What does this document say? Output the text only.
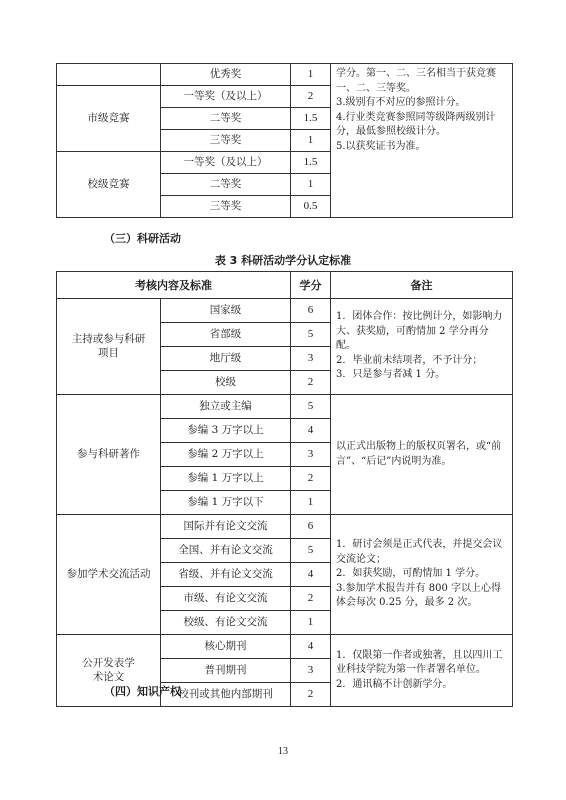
	优秀奖	1	学分。第一、二、三名相当于获竞赛一、二、三等奖。
3.级别有不对应的参照计分。
4.行业类竞赛参照同等级降两级别计分，最低参照校级计分。
5.以获奖证书为准。

市级竞赛	一等奖（及以上）	2	
	二等奖	1.5	
	三等奖	1	
校级竞赛	一等奖（及以上）	1.5	
	二等奖	1	
	三等奖	0.5	
（三）科研活动
表 3 科研活动学分认定标准
考核内容及标准		学分	备注
主持或参与科研项目	国家级	6	1．团体合作：按比例计分，如影响力大、获奖励，可酌情加 2 学分再分配。
2．毕业前未结项者，不予计分；
3．只是参与者减 1 分。

	省部级	5	
	地厅级	3	
	校级	2	
参与科研著作	独立或主编	5	以正式出版物上的版权页署名，或“前言”、“后记”内说明为准。

	参编 3 万字以上	4	
	参编 2 万字以上	3	
	参编 1 万字以上	2	
	参编 1 万字以下	1	
参加学术交流活动	国际并有论文交流	6	1．研讨会须是正式代表，并提交会议交流论文；
2．如获奖励，可酌情加 1 学分。
3.参加学术报告并有 800 字以上心得体会每次 0.25 分，最多 2 次。

	全国、并有论文交流	5	
	省级、并有论文交流	4	
	市级、有论文交流	2	
	校级、有论文交流	1	
公开发表学术论文	核心期刊	4	1．仅限第一作者或独著，且以四川工业科技学院为第一作者署名单位。
2．通讯稿不计创新学分。

	普刊期刊	3	
	校刊或其他内部期刊	2	
（四）知识产权
13
